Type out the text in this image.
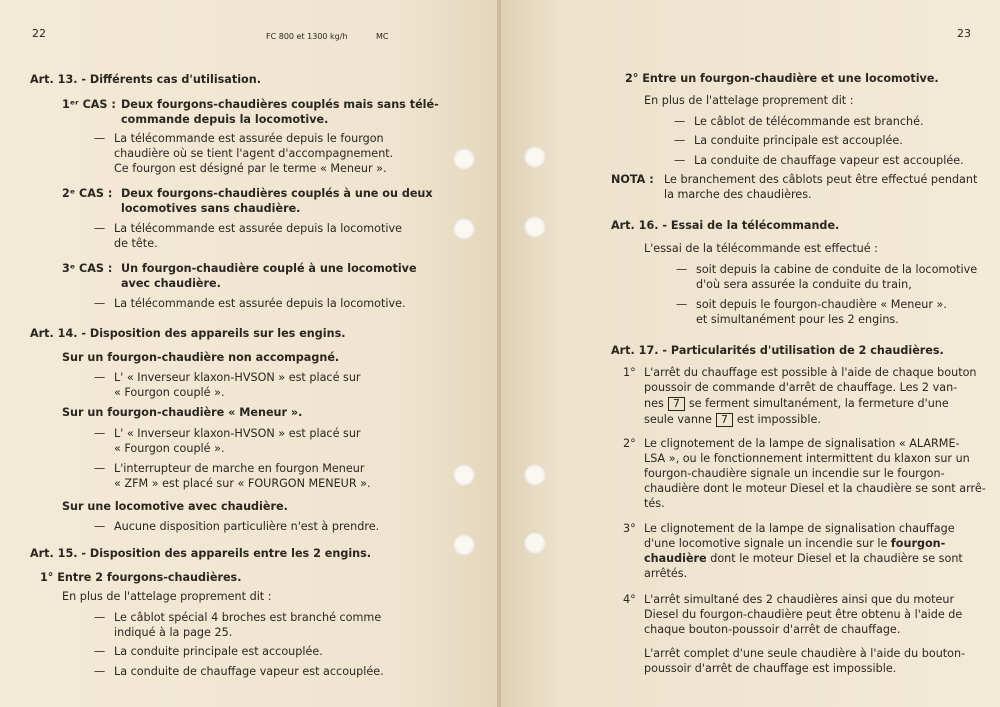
22	FC 800 et 1300 kg/h	MC
Art. 13. - Différents cas d'utilisation.
1ᵉʳ CAS : Deux fourgons-chaudières couplés mais sans télé-
commande depuis la locomotive.
— La télécommande est assurée depuis le fourgon
chaudière où se tient l'agent d'accompagnement.
Ce fourgon est désigné par le terme « Meneur ».
2ᵉ CAS : Deux fourgons-chaudières couplés à une ou deux
locomotives sans chaudière.
— La télécommande est assurée depuis la locomotive
de tête.
3ᵉ CAS : Un fourgon-chaudière couplé à une locomotive
avec chaudière.
— La télécommande est assurée depuis la locomotive.
Art. 14. - Disposition des appareils sur les engins.
Sur un fourgon-chaudière non accompagné.
— L' « Inverseur klaxon-HVSON » est placé sur
« Fourgon couplé ».
Sur un fourgon-chaudière « Meneur ».
— L' « Inverseur klaxon-HVSON » est placé sur
« Fourgon couplé ».
— L'interrupteur de marche en fourgon Meneur
« ZFM » est placé sur « FOURGON MENEUR ».
Sur une locomotive avec chaudière.
— Aucune disposition particulière n'est à prendre.
Art. 15. - Disposition des appareils entre les 2 engins.
1° Entre 2 fourgons-chaudières.
En plus de l'attelage proprement dit :
— Le câblot spécial 4 broches est branché comme
indiqué à la page 25.
— La conduite principale est accouplée.
— La conduite de chauffage vapeur est accouplée.
23
2° Entre un fourgon-chaudière et une locomotive.
En plus de l'attelage proprement dit :
— Le câblot de télécommande est branché.
— La conduite principale est accouplée.
— La conduite de chauffage vapeur est accouplée.
NOTA : Le branchement des câblots peut être effectué pendant
la marche des chaudières.
Art. 16. - Essai de la télécommande.
L'essai de la télécommande est effectué :
— soit depuis la cabine de conduite de la locomotive
d'où sera assurée la conduite du train,
— soit depuis le fourgon-chaudière « Meneur ».
et simultanément pour les 2 engins.
Art. 17. - Particularités d'utilisation de 2 chaudières.
1° L'arrêt du chauffage est possible à l'aide de chaque bouton
poussoir de commande d'arrêt de chauffage. Les 2 van-
nes 7 se ferment simultanément, la fermeture d'une
seule vanne 7 est impossible.
2° Le clignotement de la lampe de signalisation « ALARME-
LSA », ou le fonctionnement intermittent du klaxon sur un
fourgon-chaudière signale un incendie sur le fourgon-
chaudière dont le moteur Diesel et la chaudière se sont arrê-
tés.
3° Le clignotement de la lampe de signalisation chauffage
d'une locomotive signale un incendie sur le fourgon-
chaudière dont le moteur Diesel et la chaudière se sont
arrêtés.
4° L'arrêt simultané des 2 chaudières ainsi que du moteur
Diesel du fourgon-chaudière peut être obtenu à l'aide de
chaque bouton-poussoir d'arrêt de chauffage.
L'arrêt complet d'une seule chaudière à l'aide du bouton-
poussoir d'arrêt de chauffage est impossible.
